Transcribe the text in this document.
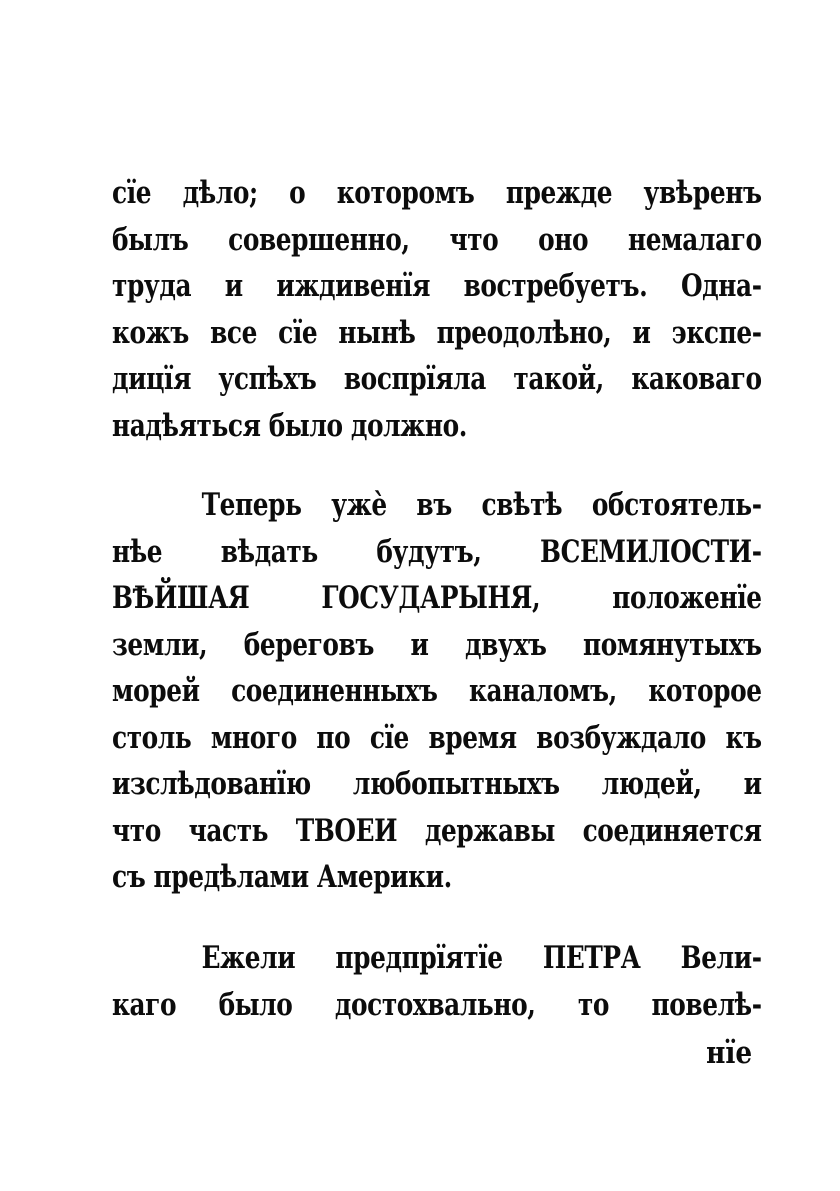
сїе дѣло; о которомъ прежде увѣренъ
былъ совершенно, что оно немалаго
труда и иждивенїя востребуетъ. Одна-
кожъ все сїе нынѣ преодолѣно, и экспе-
дицїя успѣхъ воспрїяла такой, каковаго
надѣяться было должно.
Теперь ужѐ въ свѣтѣ обстоятель-
нѣе вѣдать будутъ, ВСЕМИЛОСТИ-
ВѢЙШАЯ ГОСУДАРЫНЯ, положенїе
земли, береговъ и двухъ помянутыхъ
морей соединенныхъ каналомъ, которое
столь много по сїе время возбуждало къ
изслѣдованїю любопытныхъ людей, и
что часть ТВОЕИ державы соединяется
съ предѣлами Америки.
Ежели предпрїятїе ПЕТРА Вели-
каго было достохвально, то повелѣ-
нїе
